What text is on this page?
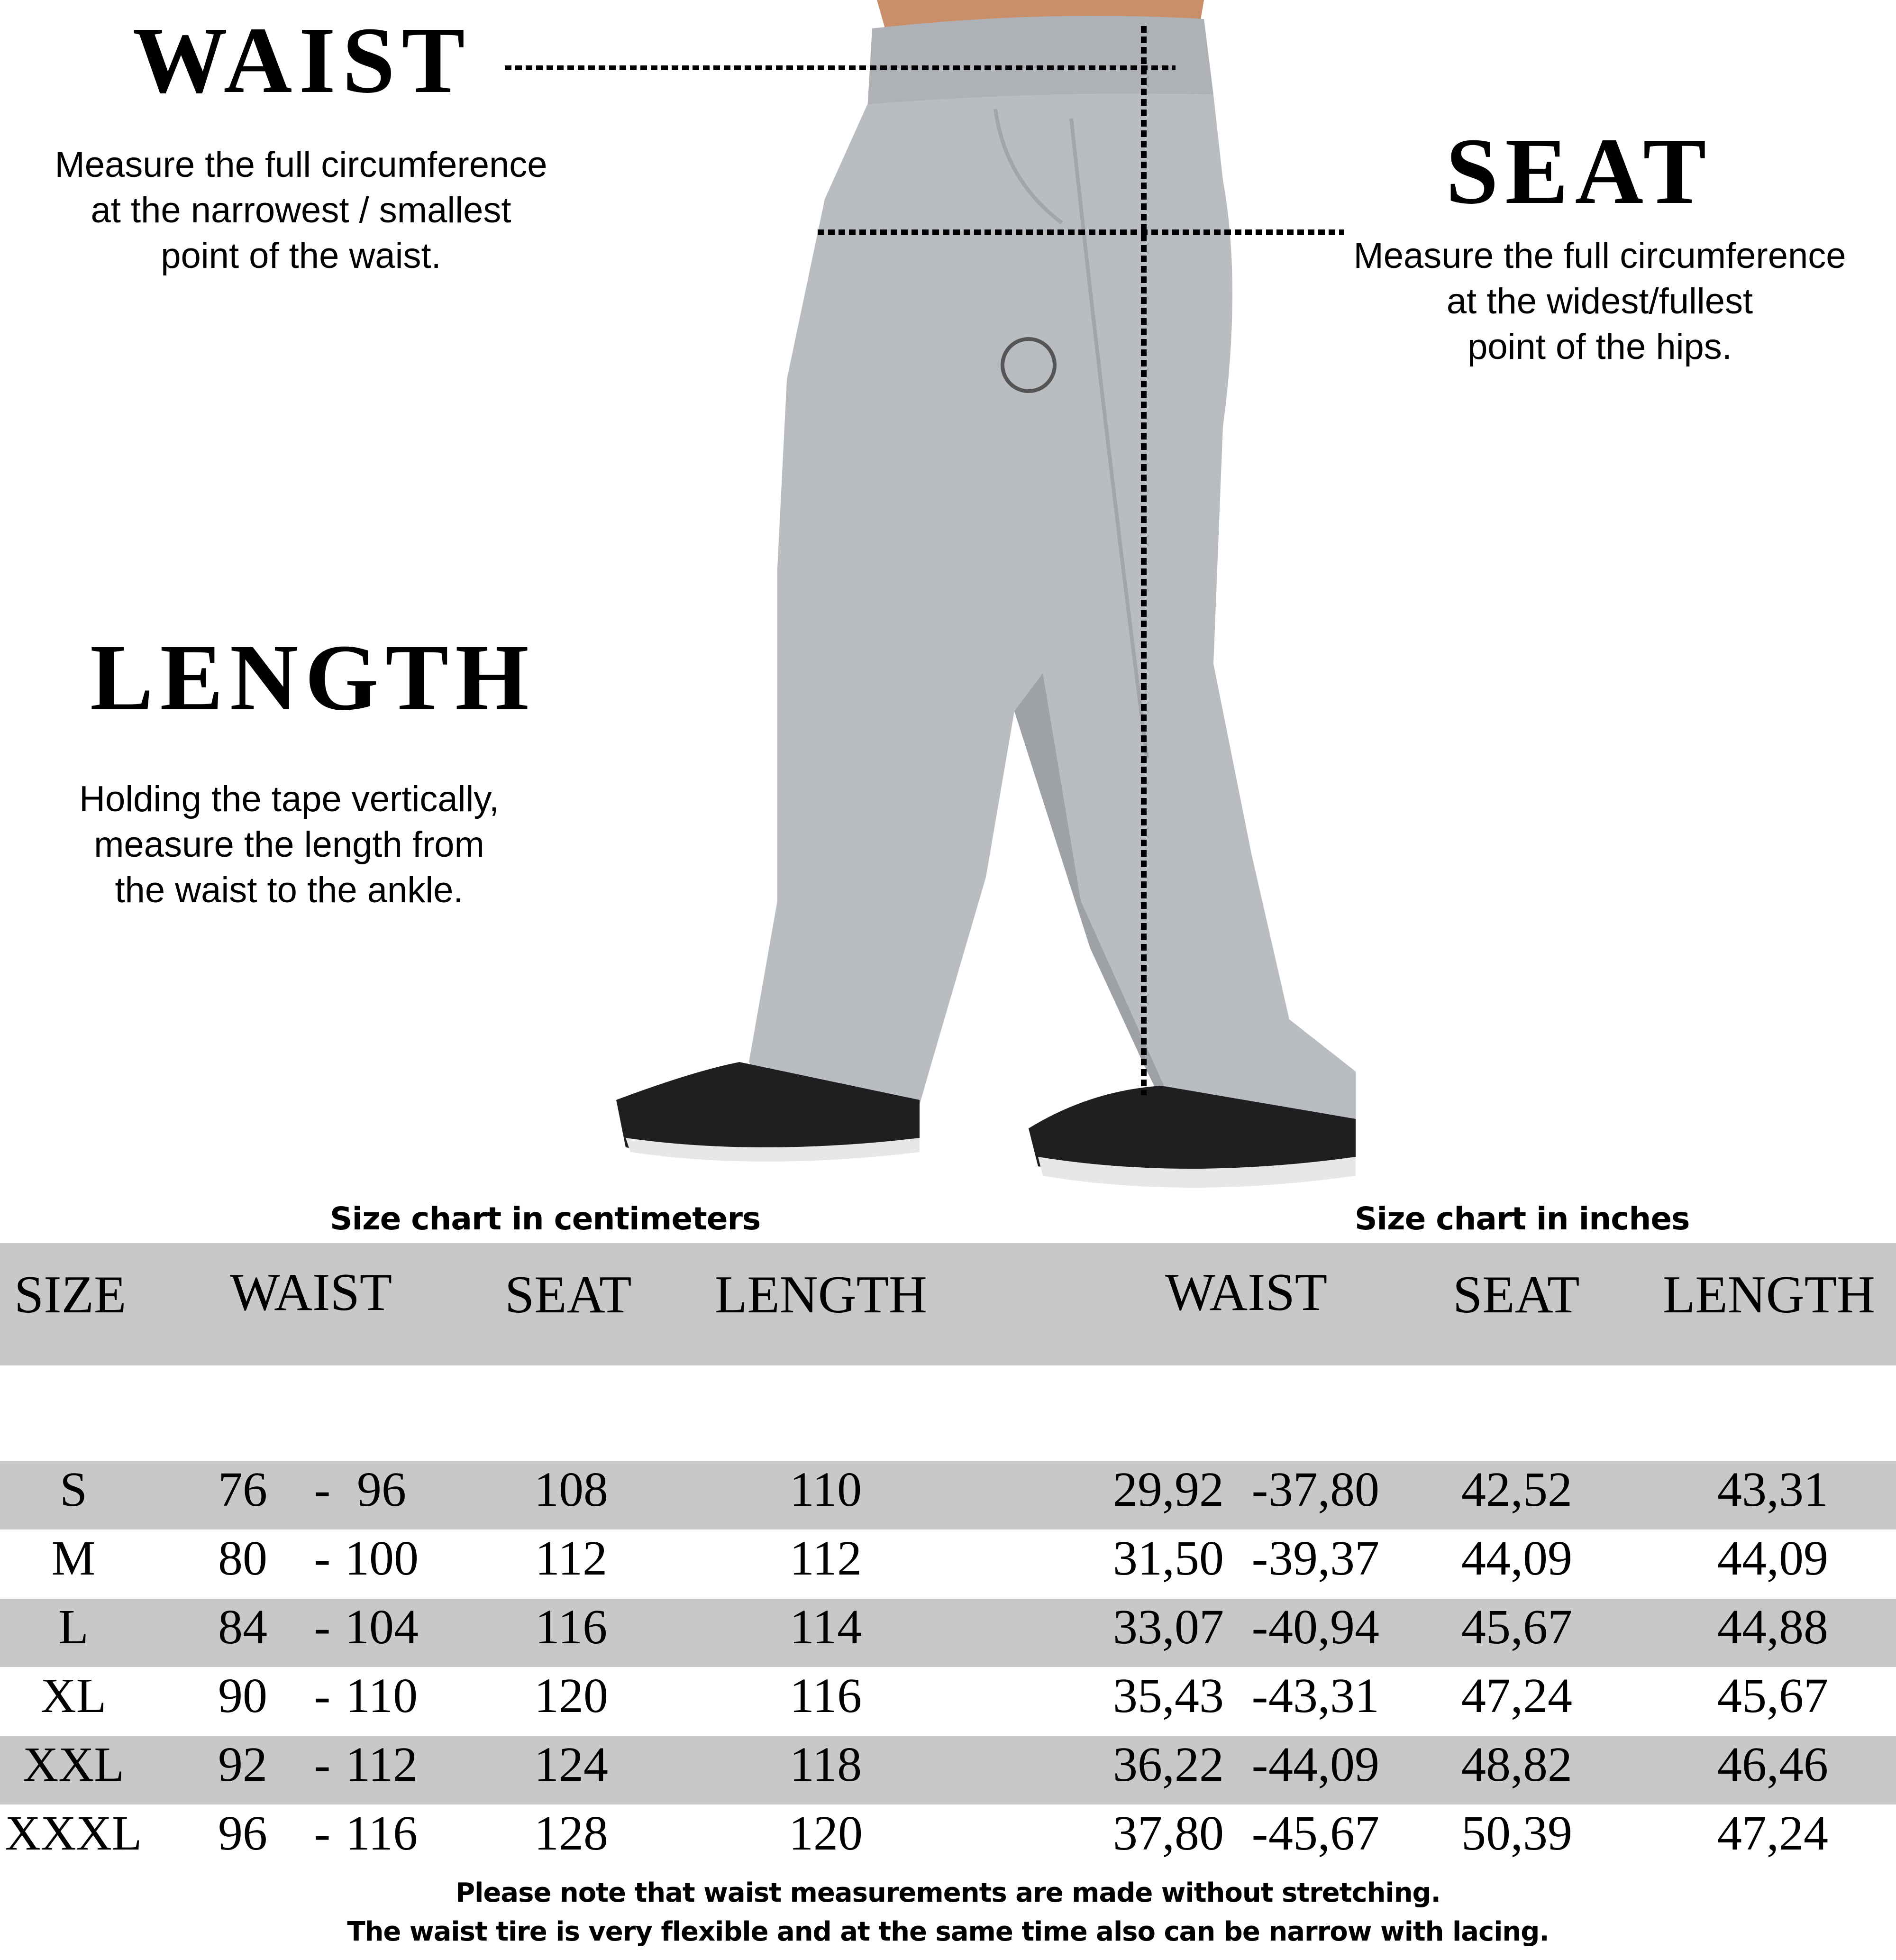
WAIST
Measure the full circumference
at the narrowest / smallest
point of the waist.
SEAT
Measure the full circumference
at the widest/fullest
point of the hips.
LENGTH
Holding the tape vertically,
measure the length from
the waist to the ankle.
Size chart in centimeters	Size chart in inches
SIZE WAIST SEAT LENGTH	WAIST SEAT LENGTH
S	76 - 96	108	110	29,92 - 37,80	42,52	43,31
M	80 - 100	112	112	31,50 - 39,37	44,09	44,09
L	84 - 104	116	114	33,07 - 40,94	45,67	44,88
XL	90 - 110	120	116	35,43 - 43,31	47,24	45,67
XXL	92 - 112	124	118	36,22 - 44,09	48,82	46,46
XXXL	96 - 116	128	120	37,80 - 45,67	50,39	47,24
Please note that waist measurements are made without stretching.
The waist tire is very flexible and at the same time also can be narrow with lacing.
